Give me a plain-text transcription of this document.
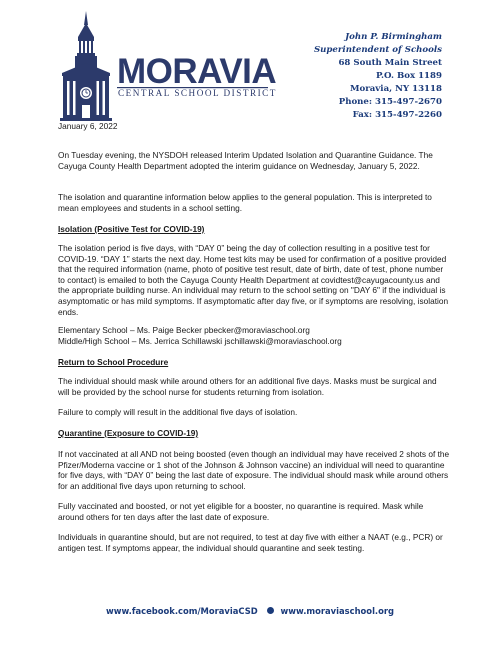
MORAVIA
CENTRAL SCHOOL DISTRICT
John P. Birmingham
Superintendent of Schools
68 South Main Street
P.O. Box 1189
Moravia, NY 13118
Phone: 315-497-2670
Fax: 315-497-2260
January 6, 2022
On Tuesday evening, the NYSDOH released Interim Updated Isolation and Quarantine Guidance. The Cayuga County Health Department adopted the interim guidance on Wednesday, January 5, 2022.
The isolation and quarantine information below applies to the general population. This is interpreted to mean employees and students in a school setting.
Isolation (Positive Test for COVID-19)
The isolation period is five days, with “DAY 0” being the day of collection resulting in a positive test for COVID-19. “DAY 1” starts the next day. Home test kits may be used for confirmation of a positive provided that the required information (name, photo of positive test result, date of birth, date of test, phone number to contact) is emailed to both the Cayuga County Health Department at covidtest@cayugacounty.us and the appropriate building nurse. An individual may return to the school setting on "DAY 6" if the individual is asymptomatic or has mild symptoms. If asymptomatic after day five, or if symptoms are resolving, isolation ends.
Elementary School – Ms. Paige Becker pbecker@moraviaschool.org
Middle/High School – Ms. Jerrica Schillawski jschillawski@moraviaschool.org
Return to School Procedure
The individual should mask while around others for an additional five days. Masks must be surgical and will be provided by the school nurse for students returning from isolation.
Failure to comply will result in the additional five days of isolation.
Quarantine (Exposure to COVID-19)
If not vaccinated at all AND not being boosted (even though an individual may have received 2 shots of the Pfizer/Moderna vaccine or 1 shot of the Johnson & Johnson vaccine) an individual will need to quarantine for five days, with “DAY 0” being the last date of exposure. The individual should mask while around others for an additional five days upon returning to school.
Fully vaccinated and boosted, or not yet eligible for a booster, no quarantine is required. Mask while around others for ten days after the last date of exposure.
Individuals in quarantine should, but are not required, to test at day five with either a NAAT (e.g., PCR) or antigen test. If symptoms appear, the individual should quarantine and seek testing.
www.facebook.com/MoraviaCSD	www.moraviaschool.org
